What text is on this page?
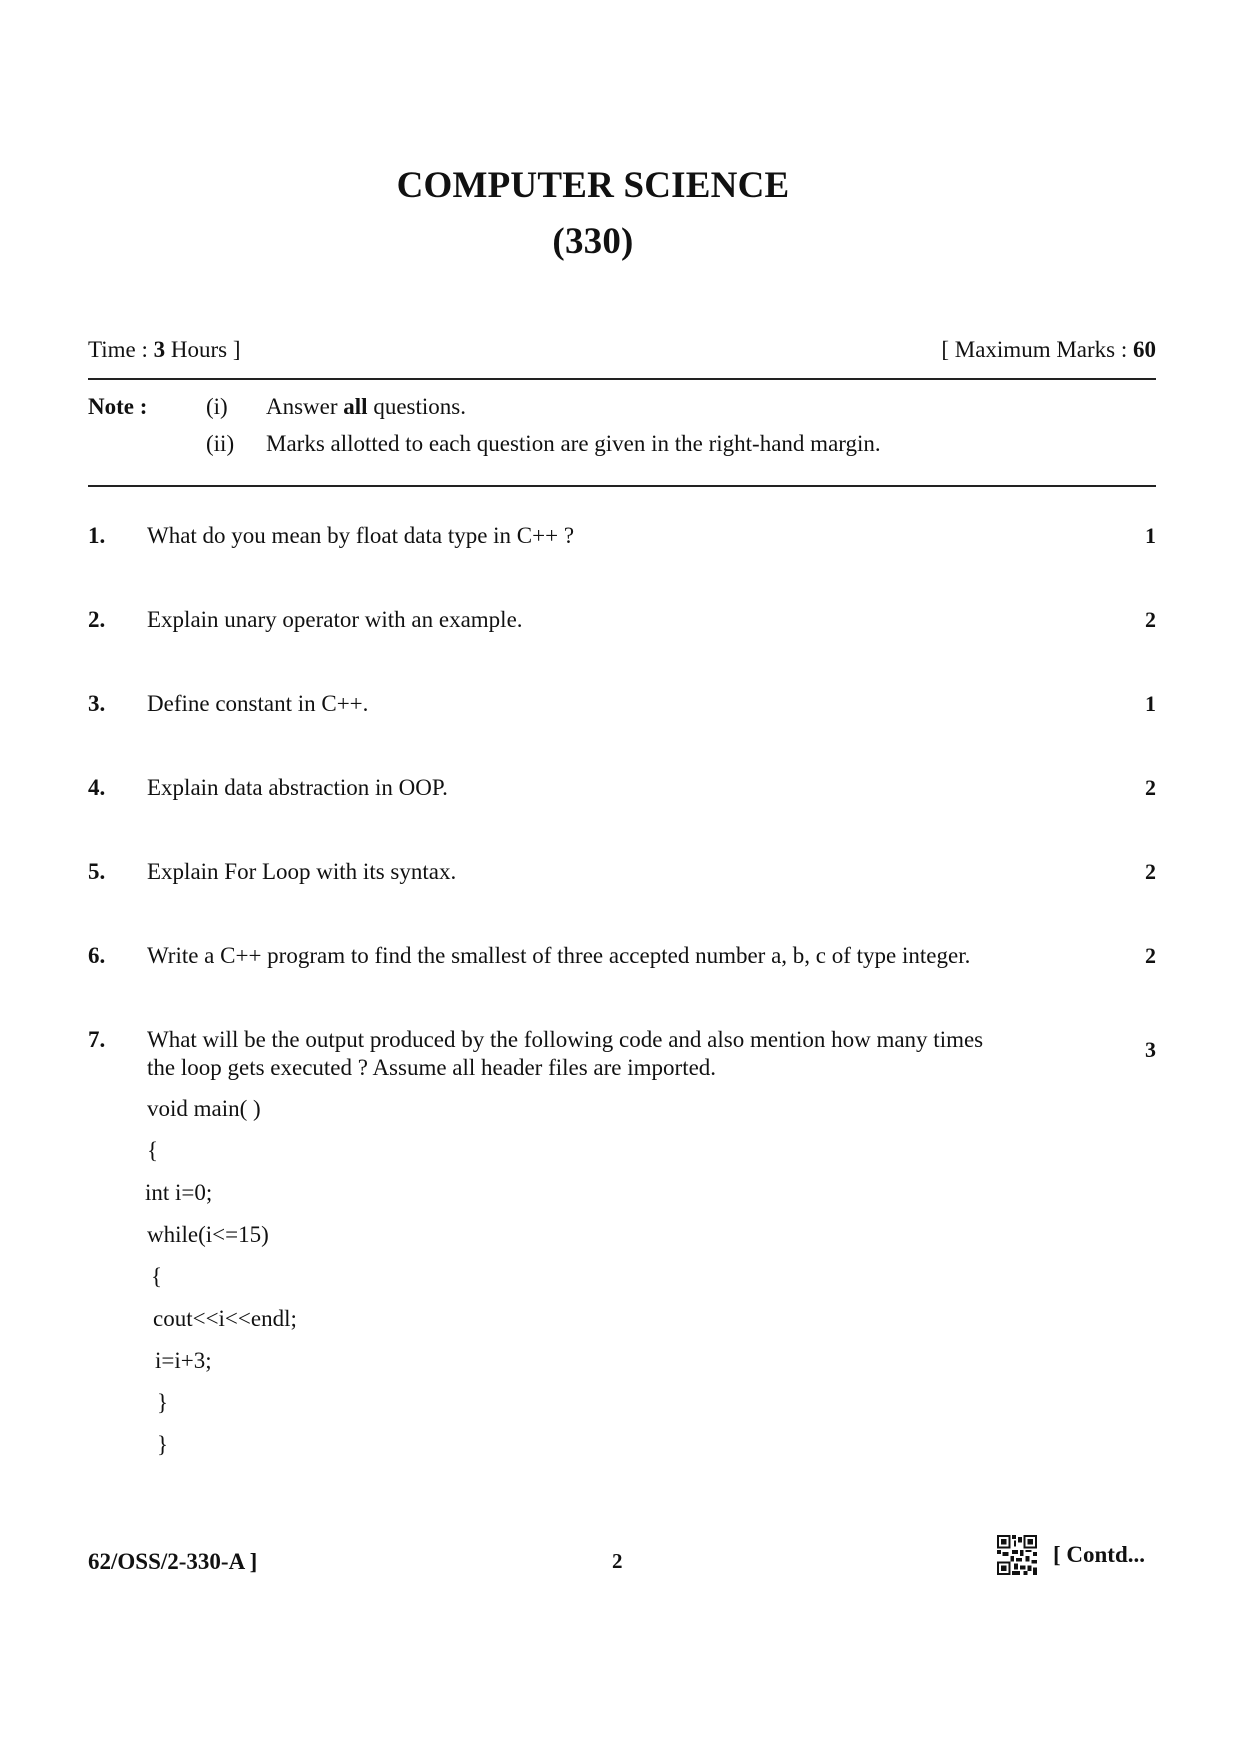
COMPUTER SCIENCE
(330)
Time : 3 Hours ]	[ Maximum Marks : 60
Note :	(i) Answer all questions.
(ii) Marks allotted to each question are given in the right-hand margin.
1. What do you mean by float data type in C++ ?	1
2. Explain unary operator with an example.	2
3. Define constant in C++.	1
4. Explain data abstraction in OOP.	2
5. Explain For Loop with its syntax.	2
6. Write a C++ program to find the smallest of three accepted number a, b, c of type integer.	2
7. What will be the output produced by the following code and also mention how many times
the loop gets executed ? Assume all header files are imported.
3
void main( )
{
int i=0;
while(i<=15)
{
cout<<i<<endl;
i=i+3;
}
}
62/OSS/2-330-A ]	2	[ Contd...
